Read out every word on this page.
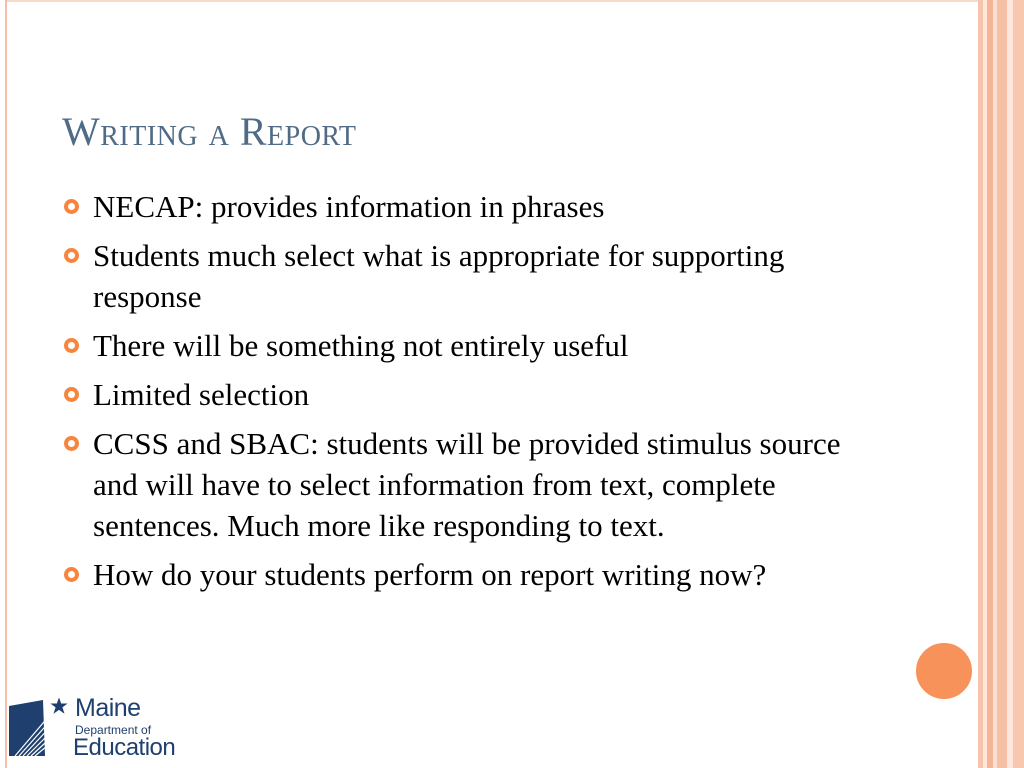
Writing a Report
NECAP: provides information in phrases
Students much select what is appropriate for supporting response
There will be something not entirely useful
Limited selection
CCSS and SBAC: students will be provided stimulus source and will have to select information from text, complete sentences. Much more like responding to text.
How do your students perform on report writing now?
Maine
Department of
Education
